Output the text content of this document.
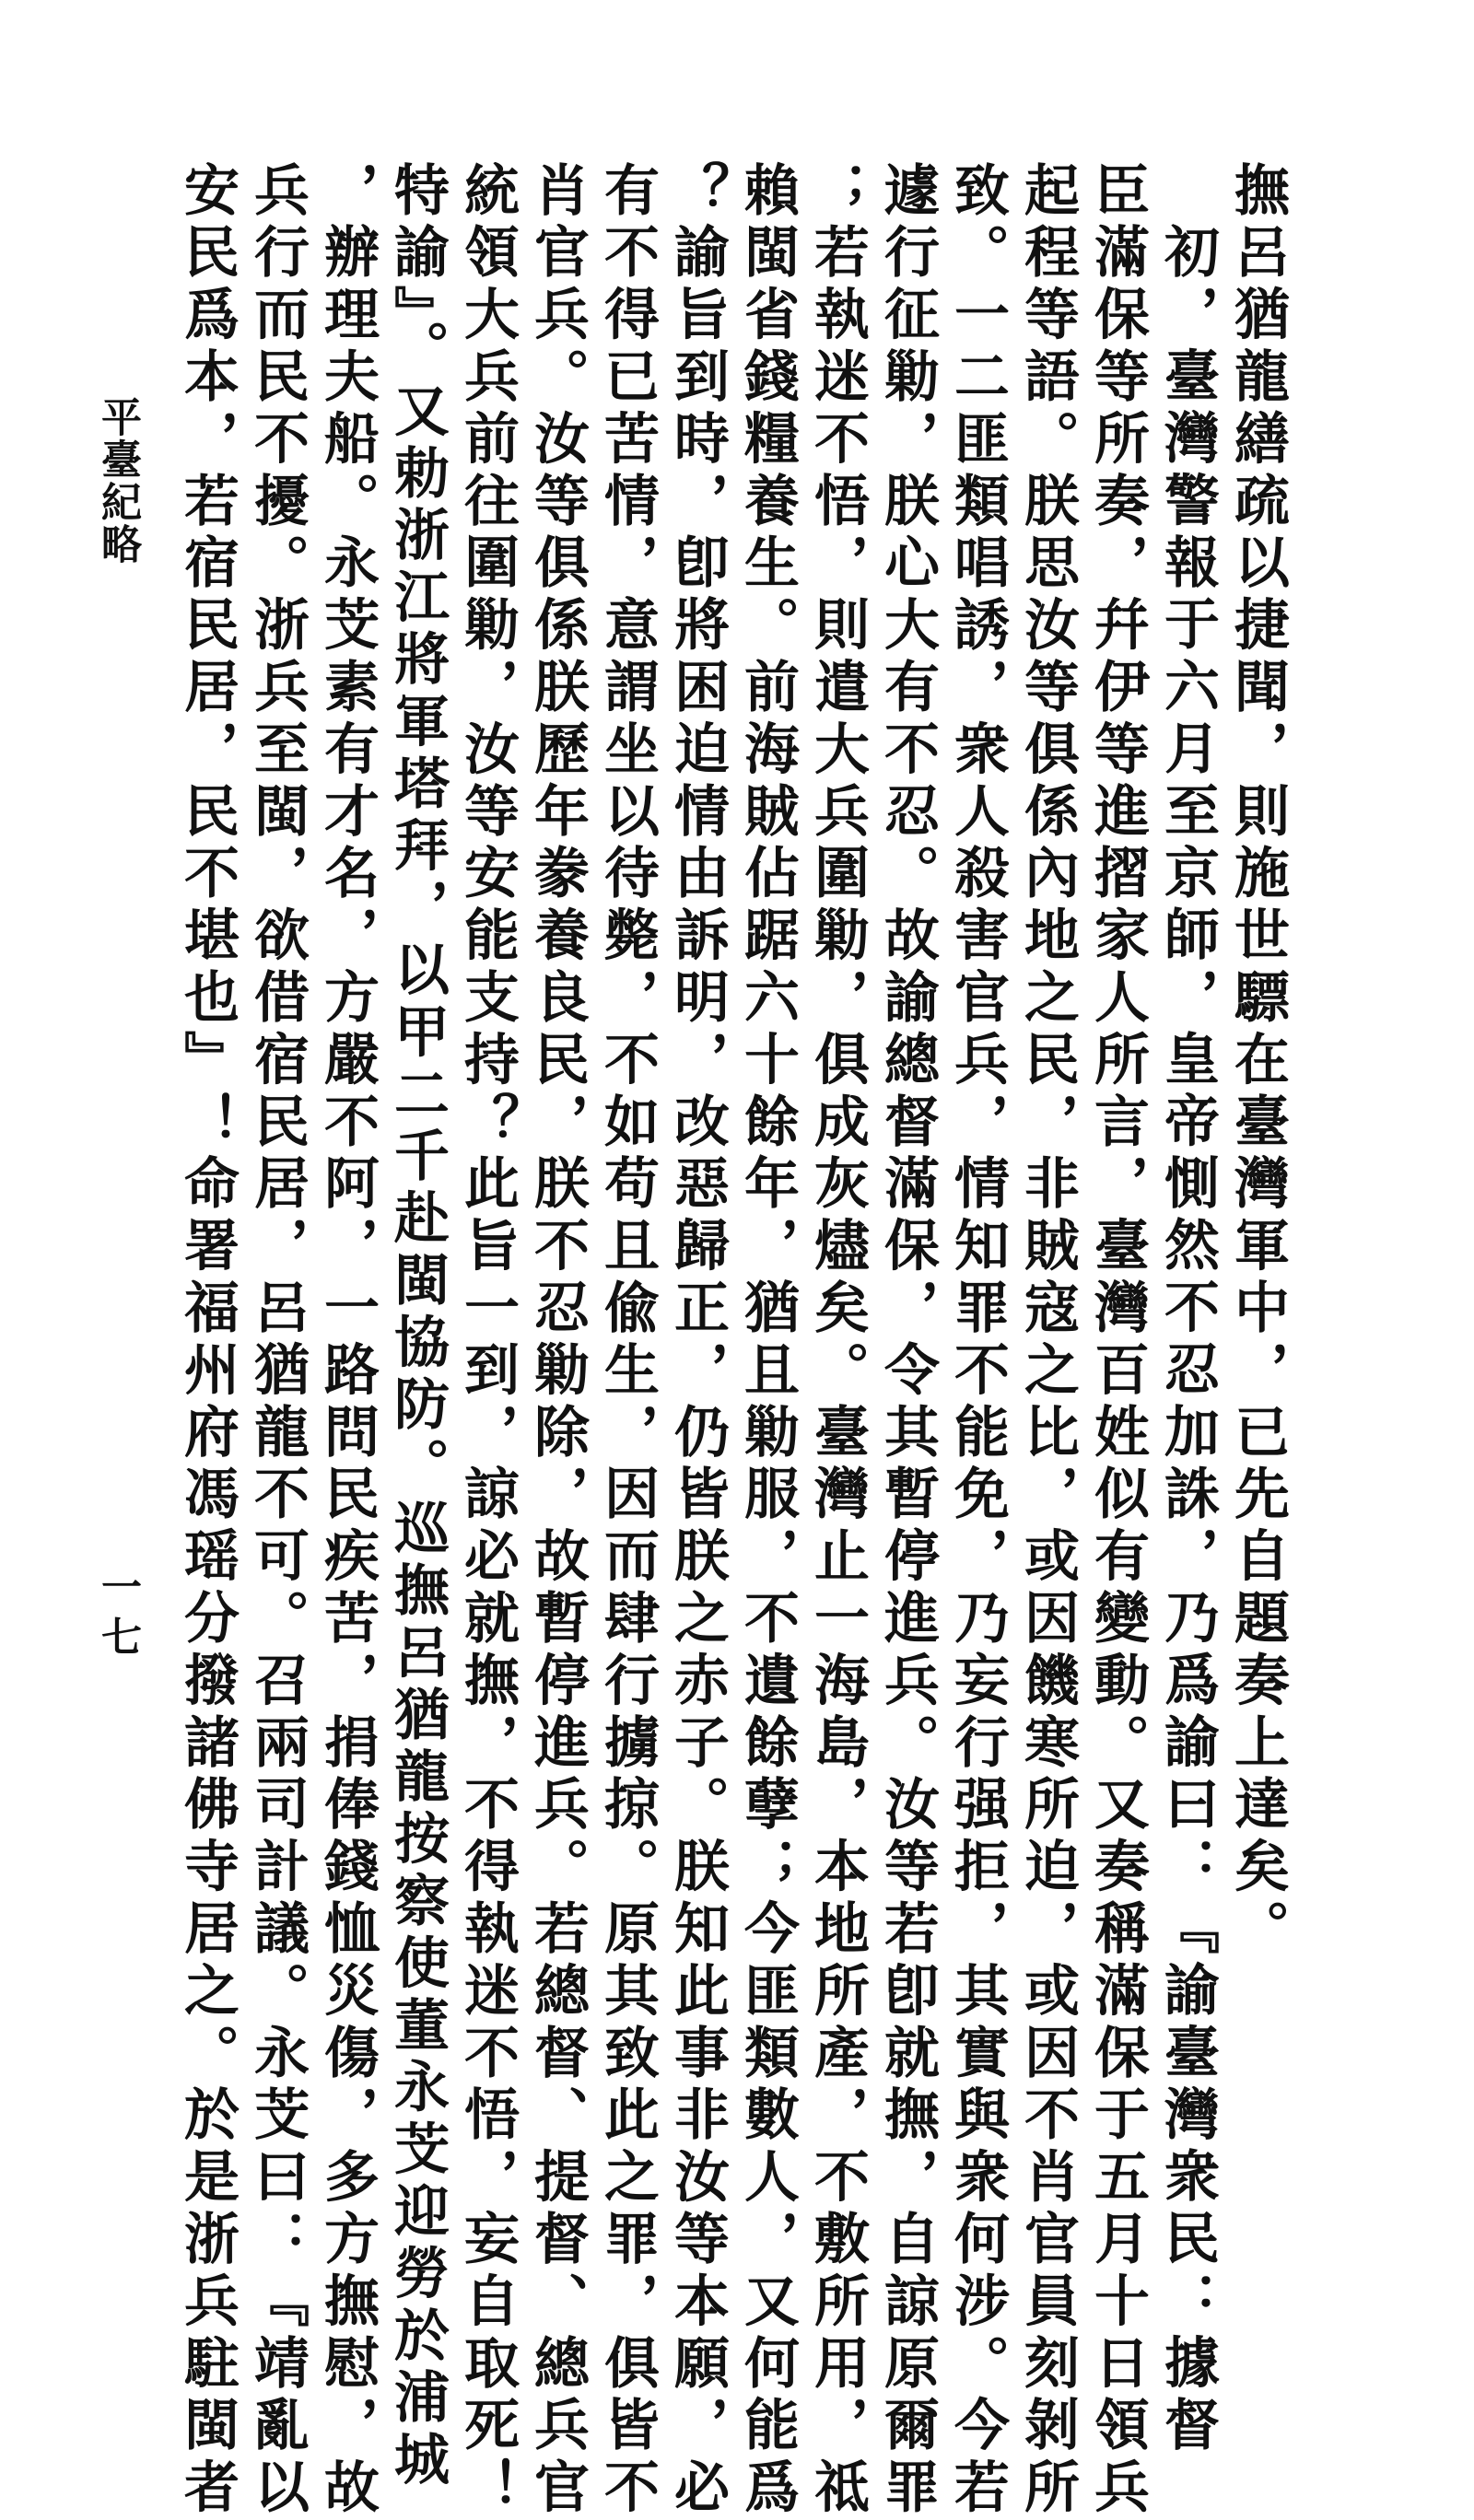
撫呂猶龍繕疏以捷聞，則施世驃在臺灣軍中，已先自題奏上達矣。
初，臺灣警報于六月至京師，皇帝惻然不忍加誅，乃爲諭曰：『諭臺灣衆民：據督
臣滿保等所奏，幷伊等進摺家人所言，臺灣百姓似有變動。又奏稱滿保于五月十日領兵
起程等語。朕思汝等俱係內地之民，非賊寇之比，或因饑寒所迫，或因不肖官員刻剝所
致。一二匪類唱誘，衆人殺害官兵，情知罪不能免，乃妄行强拒，其實與衆何涉。今若
遽行征勦，朕心大有不忍。故諭總督滿保，令其暫停進兵。汝等若卽就撫，自諒原爾罪
；若執迷不悟，則遣大兵圍勦，俱成灰燼矣。臺灣止一海島，本地所產，不敷所用，祗
賴閩省錢糧養生。前海賊佔踞六十餘年，猶且勦服，不遺餘孽；今匪類數人，又何能爲
？諭旨到時，卽將困迫情由訴明，改惡歸正，仍皆朕之赤子。朕知此事非汝等本願，必
有不得已苦情，意謂坐以待斃，不如苟且偸生，因而肆行擄掠。原其致此之罪，俱皆不
肖官兵。汝等俱係朕歷年豢養良民，朕不忍勦除，故暫停進兵。若總督、提督、總兵官
統領大兵前往圍勦，汝等安能支持？此旨一到，諒必就撫，不得執迷不悟，妄自取死！
特諭』。又勅浙江將軍塔拜，以甲二千赴閩協防。巡撫呂猶龍按察使董永芠迎勞於浦城
，辦理夫船。永芠素有才名，方嚴不阿，一路問民疾苦，捐俸錢恤災傷，多方撫慰，故
兵行而民不擾。浙兵至閩，欲借宿民居，呂猶龍不可。召兩司計議。永芠曰：『靖亂以
安民爲本，若宿民居，民不堪也』！命署福州府馮瑶分撥諸佛寺居之。於是浙兵駐閩者
平臺紀略
一七
